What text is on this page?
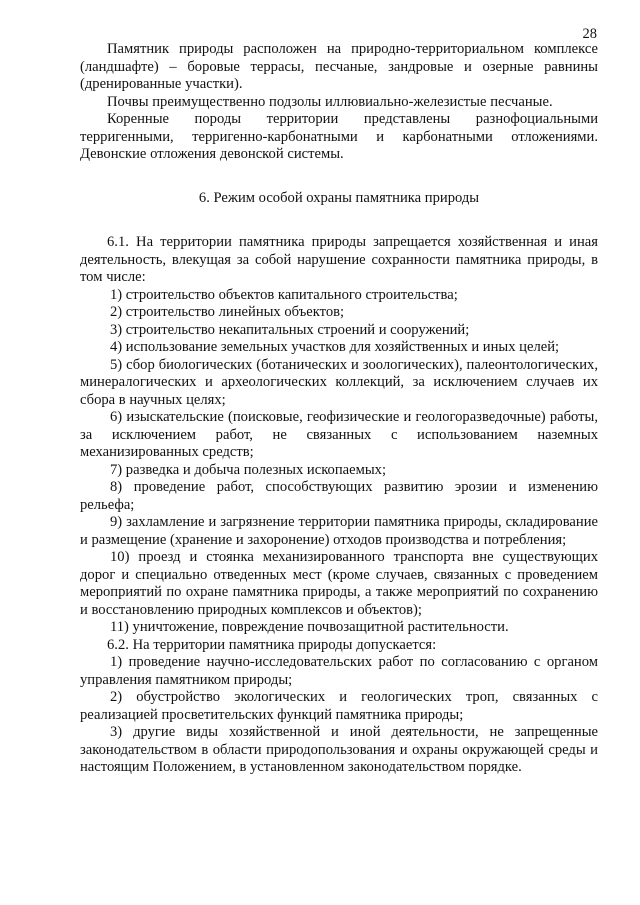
28

Памятник природы расположен на природно-территориальном комплексе (ландшафте) – боровые террасы, песчаные, зандровые и озерные равнины (дренированные участки).

Почвы преимущественно подзолы иллювиально-железистые песчаные.

Коренные породы территории представлены разнофоциальными терригенными, терригенно-карбонатными и карбонатными отложениями. Девонские отложения девонской системы.

6. Режим особой охраны памятника природы

6.1. На территории памятника природы запрещается хозяйственная и иная деятельность, влекущая за собой нарушение сохранности памятника природы, в том числе:

1) строительство объектов капитального строительства;

2) строительство линейных объектов;

3) строительство некапитальных строений и сооружений;

4) использование земельных участков для хозяйственных и иных целей;

5) сбор биологических (ботанических и зоологических), палеонтологических, минералогических и археологических коллекций, за исключением случаев их сбора в научных целях;

6) изыскательские (поисковые, геофизические и геологоразведочные) работы, за исключением работ, не связанных с использованием наземных механизированных средств;

7) разведка и добыча полезных ископаемых;

8) проведение работ, способствующих развитию эрозии и изменению рельефа;

9) захламление и загрязнение территории памятника природы, складирование и размещение (хранение и захоронение) отходов производства и потребления;

10) проезд и стоянка механизированного транспорта вне существующих дорог и специально отведенных мест (кроме случаев, связанных с проведением мероприятий по охране памятника природы, а также мероприятий по сохранению и восстановлению природных комплексов и объектов);

11) уничтожение, повреждение почвозащитной растительности.

6.2. На территории памятника природы допускается:

1) проведение научно-исследовательских работ по согласованию с органом управления памятником природы;

2) обустройство экологических и геологических троп, связанных с реализацией просветительских функций памятника природы;

3) другие виды хозяйственной и иной деятельности, не запрещенные законодательством в области природопользования и охраны окружающей среды и настоящим Положением, в установленном законодательством порядке.
